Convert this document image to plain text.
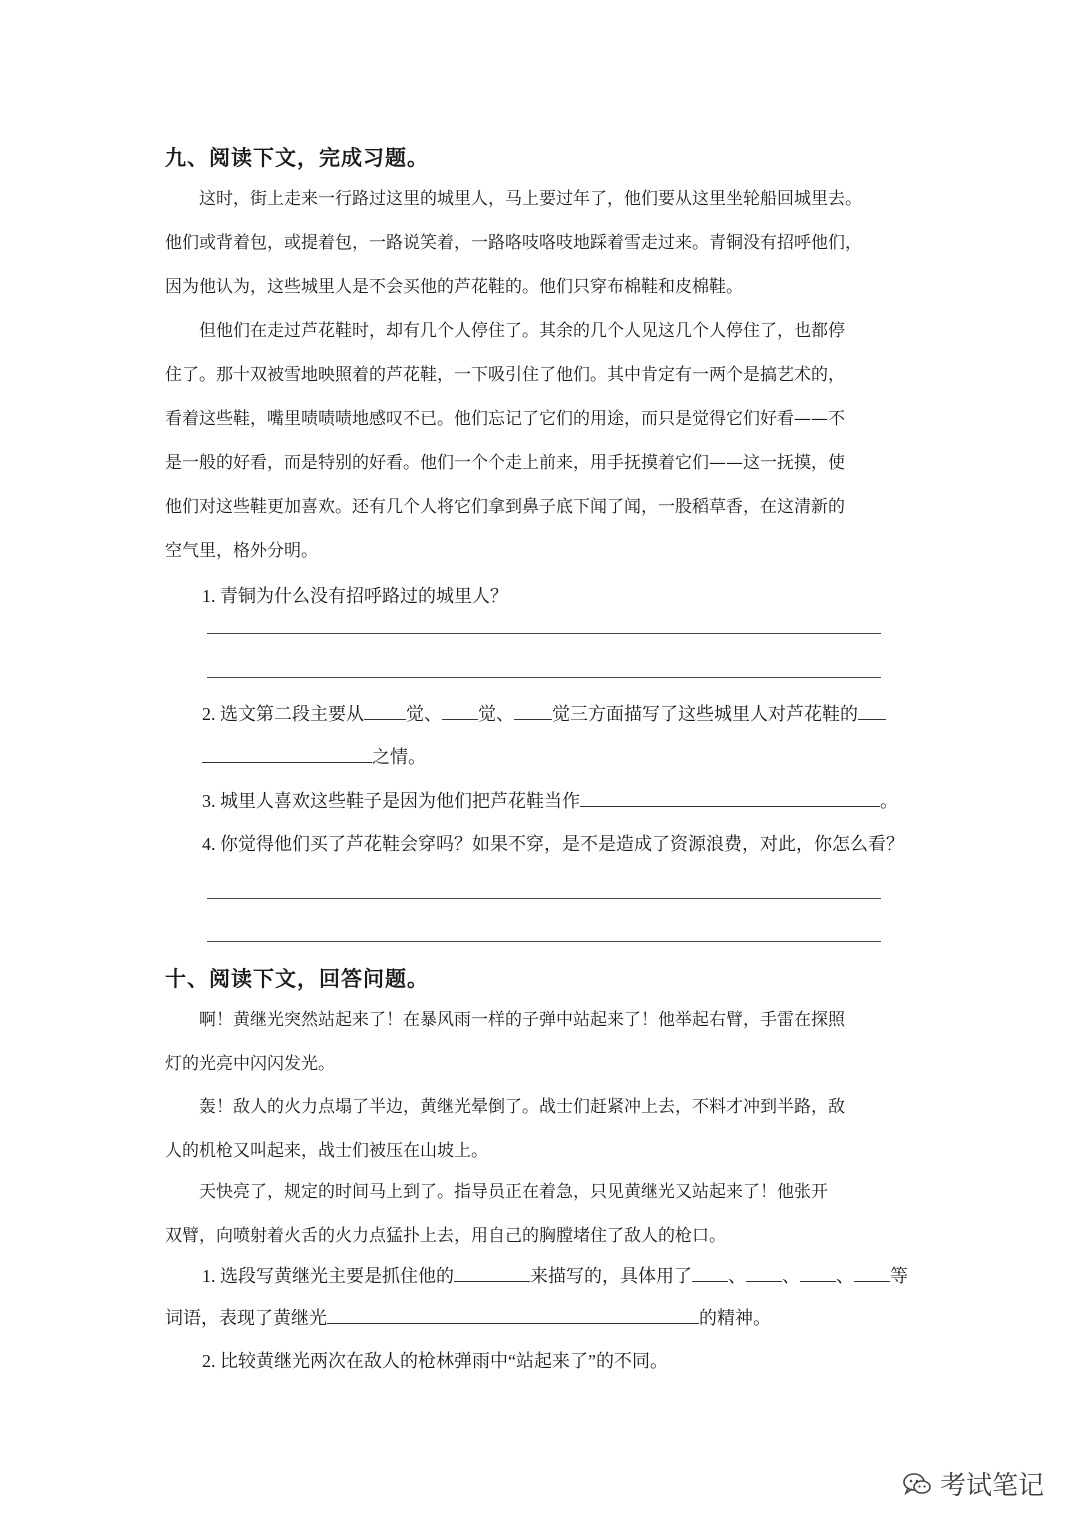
九、阅读下文，完成习题。
　　这时，街上走来一行路过这里的城里人，马上要过年了，他们要从这里坐轮船回城里去。
他们或背着包，或提着包，一路说笑着，一路咯吱咯吱地踩着雪走过来。青铜没有招呼他们，
因为他认为，这些城里人是不会买他的芦花鞋的。他们只穿布棉鞋和皮棉鞋。
　　但他们在走过芦花鞋时，却有几个人停住了。其余的几个人见这几个人停住了，也都停
住了。那十双被雪地映照着的芦花鞋，一下吸引住了他们。其中肯定有一两个是搞艺术的，
看着这些鞋，嘴里啧啧啧地感叹不已。他们忘记了它们的用途，而只是觉得它们好看——不
是一般的好看，而是特别的好看。他们一个个走上前来，用手抚摸着它们——这一抚摸，使
他们对这些鞋更加喜欢。还有几个人将它们拿到鼻子底下闻了闻，一股稻草香，在这清新的
空气里，格外分明。
1. 青铜为什么没有招呼路过的城里人？
2. 选文第二段主要从 觉、 觉、 觉三方面描写了这些城里人对芦花鞋的
之情。
3. 城里人喜欢这些鞋子是因为他们把芦花鞋当作	。
4. 你觉得他们买了芦花鞋会穿吗？如果不穿，是不是造成了资源浪费，对此，你怎么看？
十、阅读下文，回答问题。
　　啊！黄继光突然站起来了！在暴风雨一样的子弹中站起来了！他举起右臂，手雷在探照
灯的光亮中闪闪发光。
　　轰！敌人的火力点塌了半边，黄继光晕倒了。战士们赶紧冲上去，不料才冲到半路，敌
人的机枪又叫起来，战士们被压在山坡上。
　　天快亮了，规定的时间马上到了。指导员正在着急，只见黄继光又站起来了！他张开
双臂，向喷射着火舌的火力点猛扑上去，用自己的胸膛堵住了敌人的枪口。
1. 选段写黄继光主要是抓住他的	来描写的，具体用了 、 、 、 等
词语，表现了黄继光	的精神。
2. 比较黄继光两次在敌人的枪林弹雨中“站起来了”的不同。
考试笔记
